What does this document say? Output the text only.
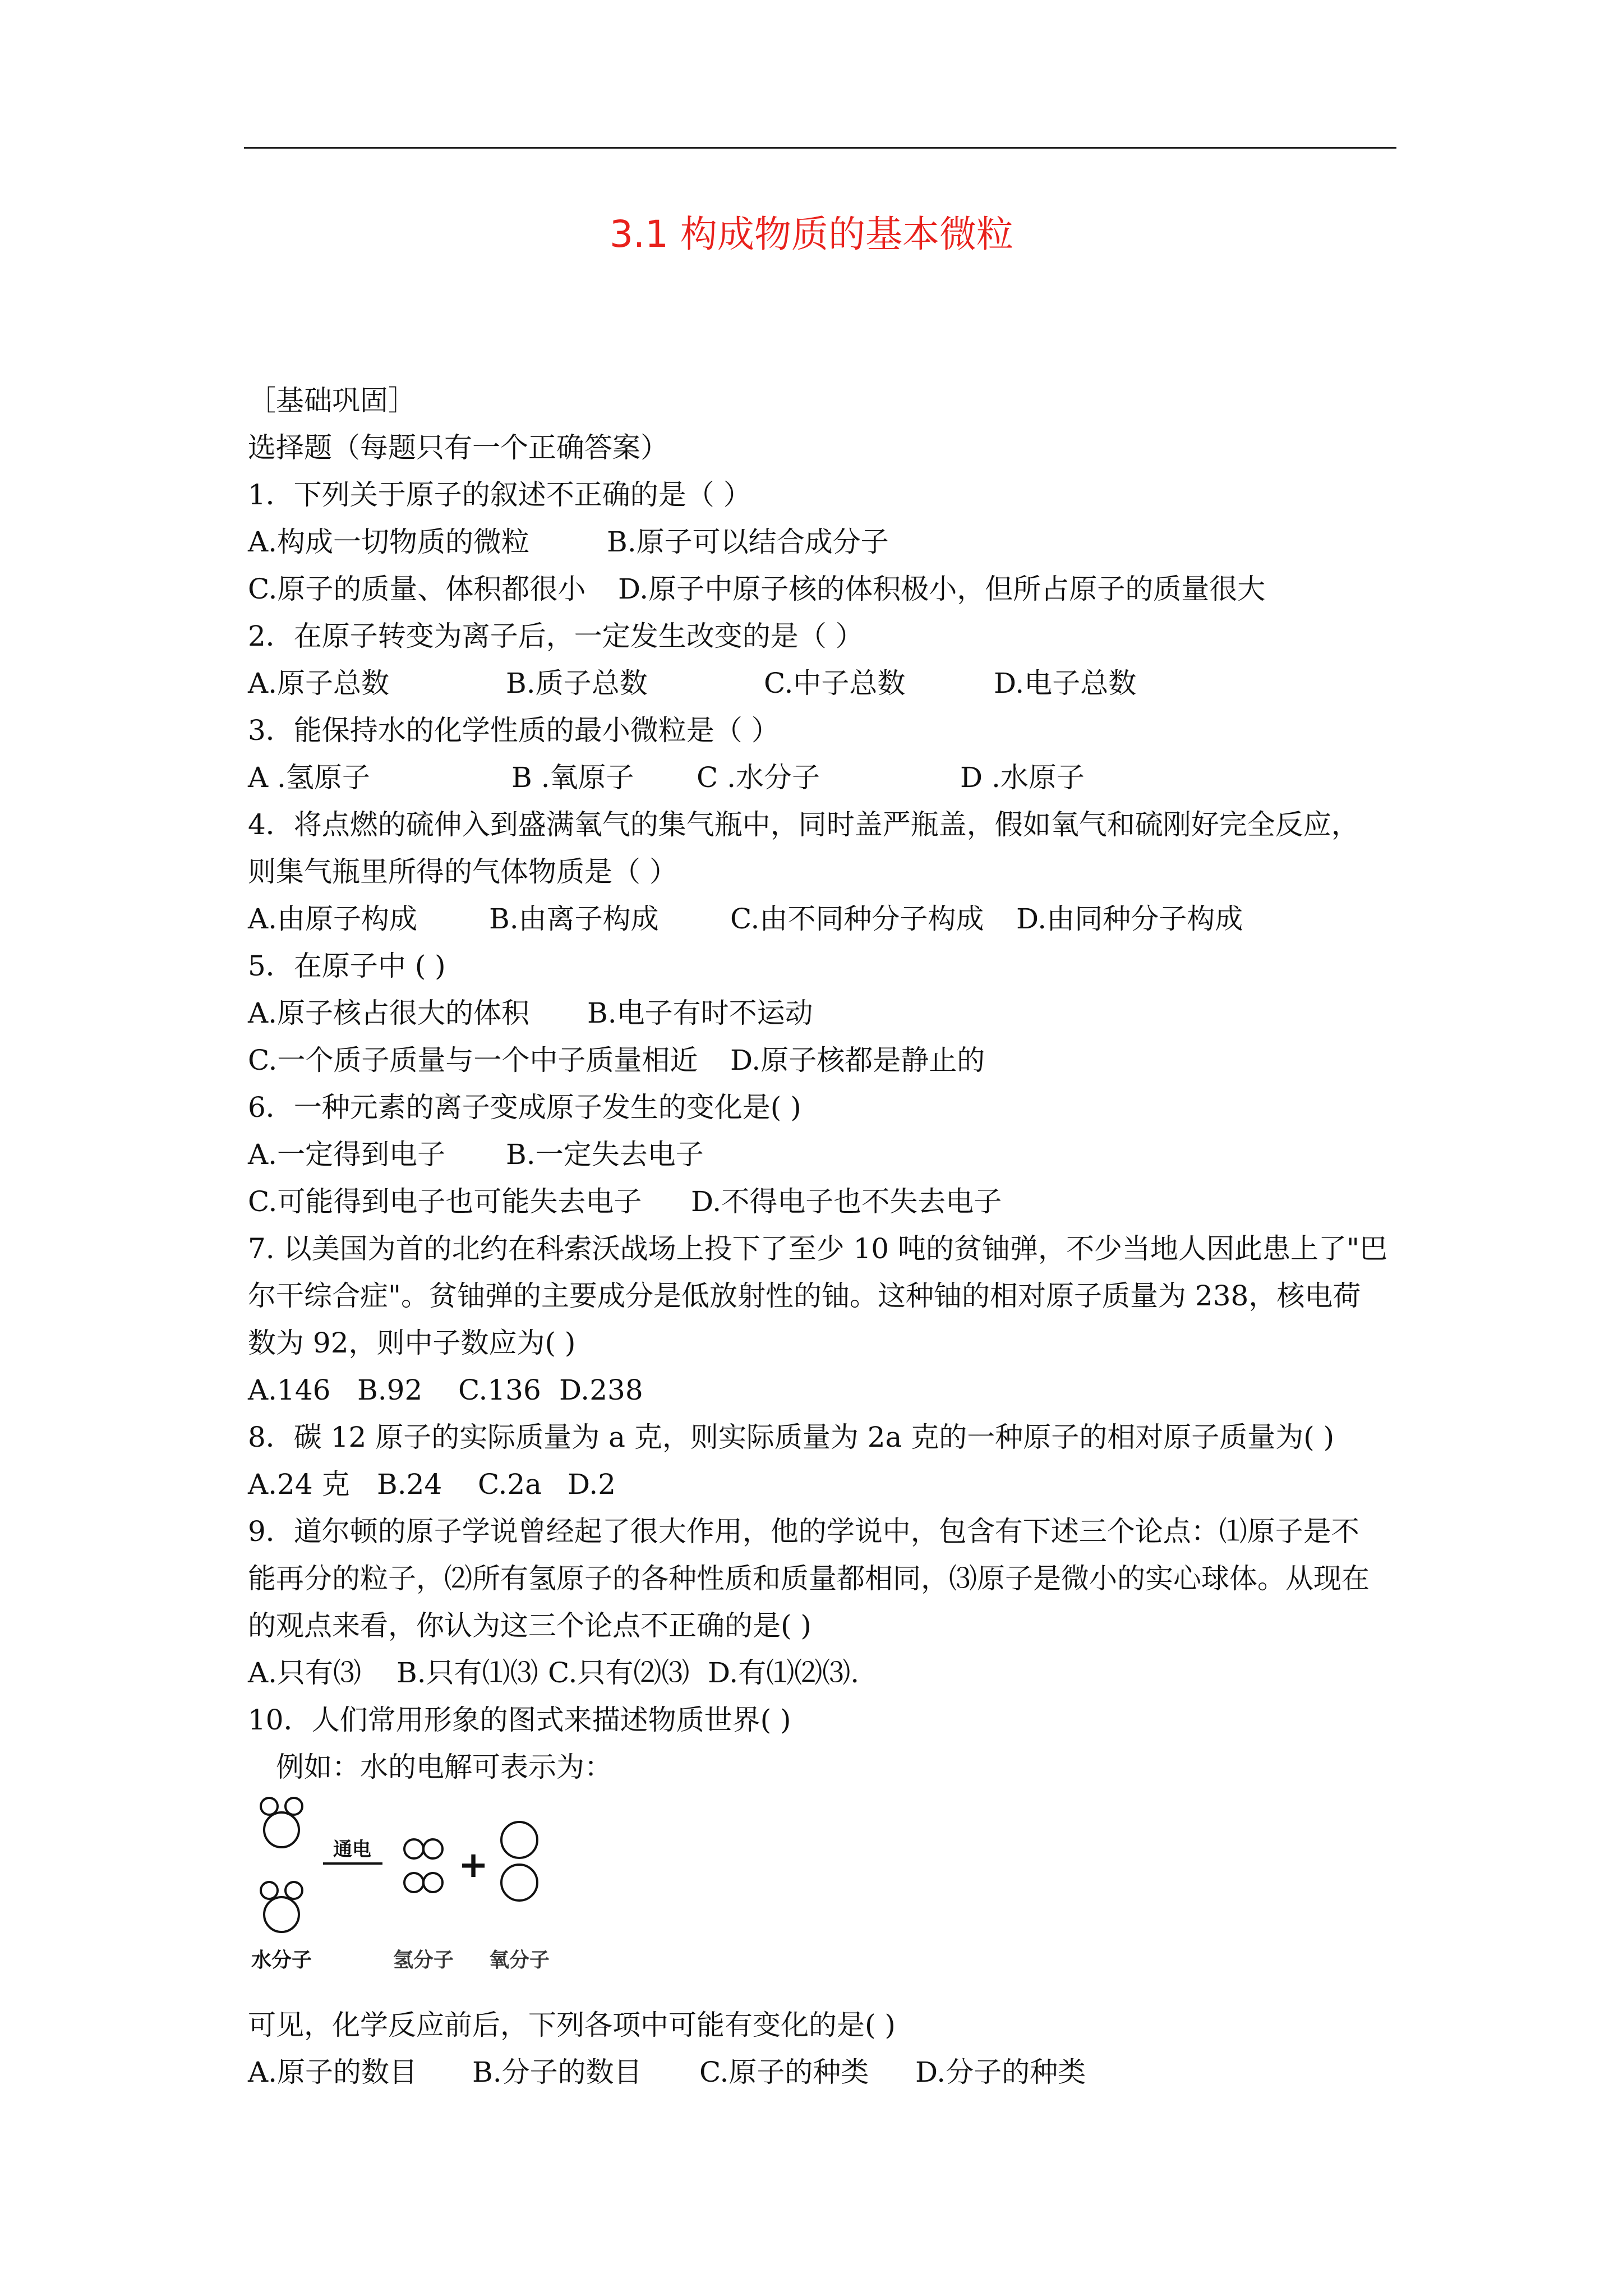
3.1 构成物质的基本微粒
［基础巩固］
选择题（每题只有一个正确答案）
1．下列关于原子的叙述不正确的是（ ）
A.构成一切物质的微粒	B.原子可以结合成分子
C.原子的质量、体积都很小 D.原子中原子核的体积极小，但所占原子的质量很大
2．在原子转变为离子后，一定发生改变的是（ ）
A.原子总数	B.质子总数	C.中子总数	D.电子总数
3．能保持水的化学性质的最小微粒是（ ）
A .氢原子	B .氧原子 C .水分子	D .水原子
4．将点燃的硫伸入到盛满氧气的集气瓶中，同时盖严瓶盖，假如氧气和硫刚好完全反应，
则集气瓶里所得的气体物质是（ ）
A.由原子构成	B.由离子构成	C.由不同种分子构成 D.由同种分子构成
5．在原子中 ( )
A.原子核占很大的体积 B.电子有时不运动
C.一个质子质量与一个中子质量相近 D.原子核都是静止的
6．一种元素的离子变成原子发生的变化是( )
A.一定得到电子 B.一定失去电子
C.可能得到电子也可能失去电子 D.不得电子也不失去电子
7. 以美国为首的北约在科索沃战场上投下了至少 10 吨的贫铀弹，不少当地人因此患上了"巴
尔干综合症"。贫铀弹的主要成分是低放射性的铀。这种铀的相对原子质量为 238，核电荷
数为 92，则中子数应为( )
A.146 B.92 C.136 D.238
8．碳 12 原子的实际质量为 a 克，则实际质量为 2a 克的一种原子的相对原子质量为( )
A.24 克 B.24 C.2a D.2
9．道尔顿的原子学说曾经起了很大作用，他的学说中，包含有下述三个论点：⑴原子是不
能再分的粒子，⑵所有氢原子的各种性质和质量都相同，⑶原子是微小的实心球体。从现在
的观点来看，你认为这三个论点不正确的是( )
A.只有⑶ B.只有⑴⑶ C.只有⑵⑶ D.有⑴⑵⑶.
10．人们常用形象的图式来描述物质世界( )
　例如：水的电解可表示为：
通电 +
水分子	氢分子 氧分子
可见，化学反应前后，下列各项中可能有变化的是( )
A.原子的数目 B.分子的数目 C.原子的种类 D.分子的种类
